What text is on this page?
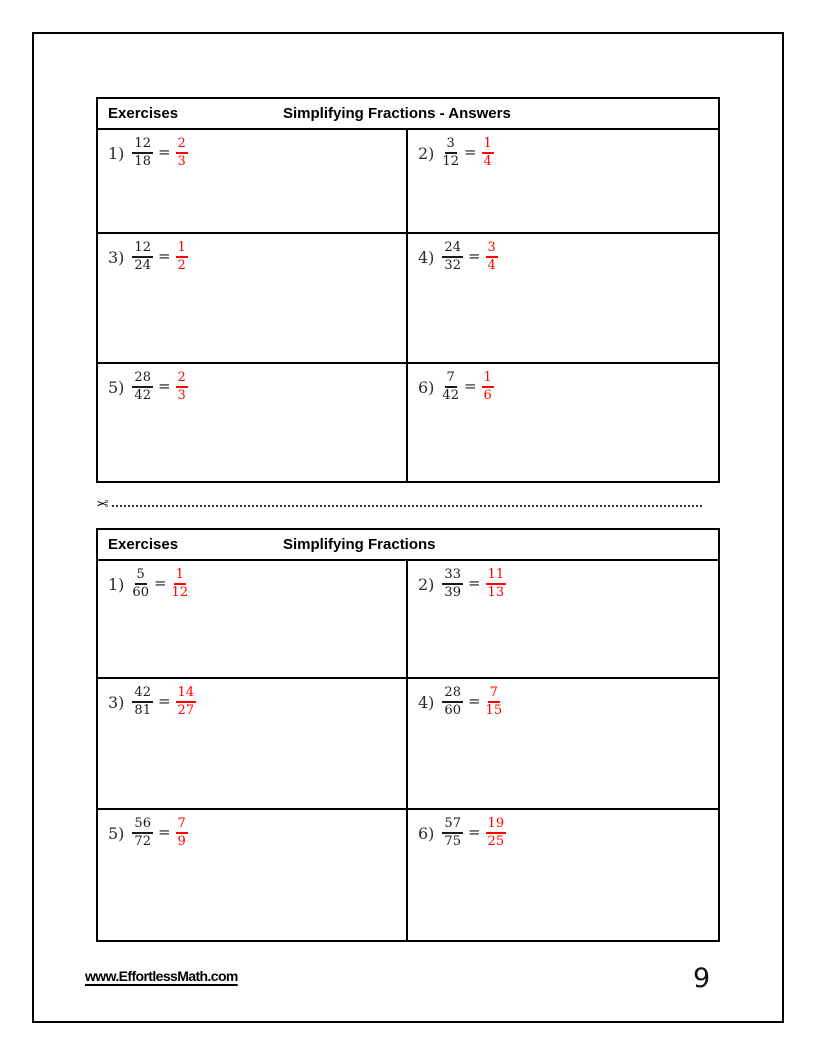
Exercises	Simplifying Fractions - Answers
$1) \frac{12}{18} = \frac{2}{3}$	$2) \frac{3}{12} = \frac{1}{4}$
$3) \frac{12}{24} = \frac{1}{2}$	$4) \frac{24}{32} = \frac{3}{4}$
$5) \frac{28}{42} = \frac{2}{3}$	$6) \frac{7}{42} = \frac{1}{6}$
✂
Exercises	Simplifying Fractions
$1) \frac{5}{60} = \frac{1}{12}$	$2) \frac{33}{39} = \frac{11}{13}$
$3) \frac{42}{81} = \frac{14}{27}$	$4) \frac{28}{60} = \frac{7}{15}$
$5) \frac{56}{72} = \frac{7}{9}$	$6) \frac{57}{75} = \frac{19}{25}$
www.EffortlessMath.com	9
